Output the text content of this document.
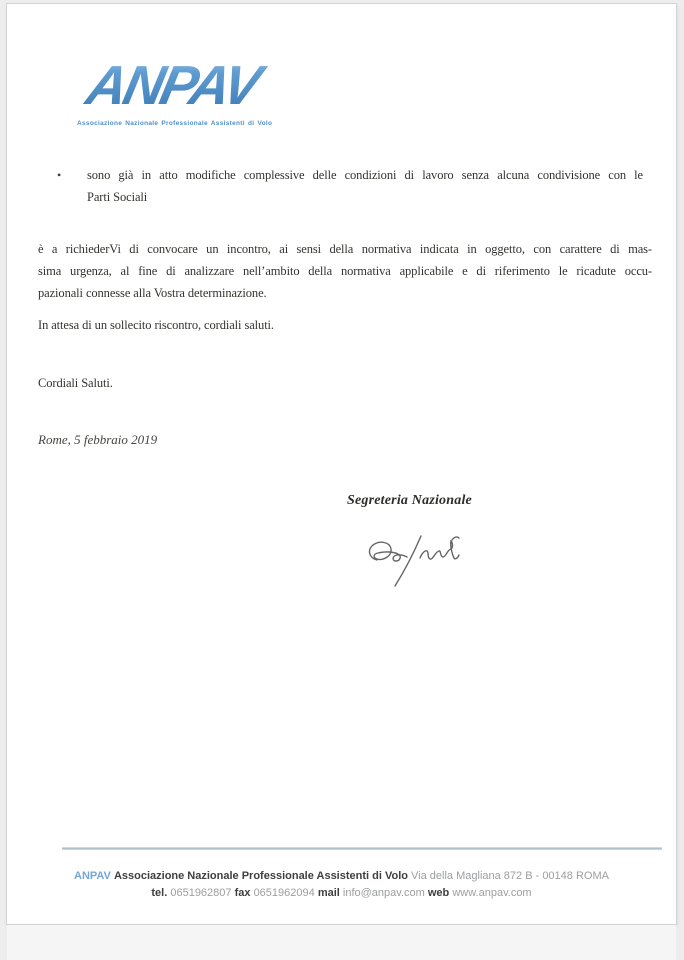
ANPAV
Associazione Nazionale Professionale Assistenti di Volo
•	sono già in atto modifiche complessive delle condizioni di lavoro senza alcuna condivisione con le
Parti Sociali
è a richiederVi di convocare un incontro, ai sensi della normativa indicata in oggetto, con carattere di mas-
sima urgenza, al fine di analizzare nell’ambito della normativa applicabile e di riferimento le ricadute occu-
pazionali connesse alla Vostra determinazione.
In attesa di un sollecito riscontro, cordiali saluti.
Cordiali Saluti.
Rome, 5 febbraio 2019
Segreteria Nazionale
ANPAV Associazione Nazionale Professionale Assistenti di Volo Via della Magliana 872 B - 00148 ROMA
tel. 0651962807 fax 0651962094 mail info@anpav.com web www.anpav.com
